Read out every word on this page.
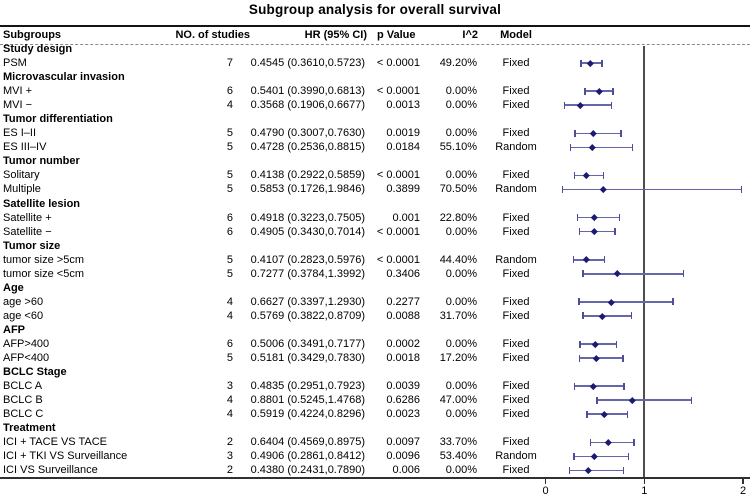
Subgroup analysis for overall survival
Subgroups	NO. of studies	HR (95% CI) p Value	I^2	Model
Study design
PSM	7	0.4545 (0.3610,0.5723)	< 0.0001	49.20%	Fixed
Microvascular invasion
MVI +	6	0.5401 (0.3990,0.6813)	< 0.0001	0.00%	Fixed
MVI −	4	0.3568 (0.1906,0.6677)	0.0013	0.00%	Fixed
Tumor differentiation
ES I–II	5	0.4790 (0.3007,0.7630)	0.0019	0.00%	Fixed
ES III–IV	5	0.4728 (0.2536,0.8815)	0.0184	55.10%	Random
Tumor number
Solitary	5	0.4138 (0.2922,0.5859)	< 0.0001	0.00%	Fixed
Multiple	5	0.5853 (0.1726,1.9846)	0.3899	70.50%	Random
Satellite lesion
Satellite +	6	0.4918 (0.3223,0.7505)	0.001	22.80%	Fixed
Satellite −	6	0.4905 (0.3430,0.7014)	< 0.0001	0.00%	Fixed
Tumor size
tumor size >5cm	5	0.4107 (0.2823,0.5976)	< 0.0001	44.40%	Random
tumor size <5cm	5	0.7277 (0.3784,1.3992)	0.3406	0.00%	Fixed
Age
age >60	4	0.6627 (0.3397,1.2930)	0.2277	0.00%	Fixed
age <60	4	0.5769 (0.3822,0.8709)	0.0088	31.70%	Fixed
AFP
AFP>400	6	0.5006 (0.3491,0.7177)	0.0002	0.00%	Fixed
AFP<400	5	0.5181 (0.3429,0.7830)	0.0018	17.20%	Fixed
BCLC Stage
BCLC A	3	0.4835 (0.2951,0.7923)	0.0039	0.00%	Fixed
BCLC B	4	0.8801 (0.5245,1.4768)	0.6286	47.00%	Fixed
BCLC C	4	0.5919 (0.4224,0.8296)	0.0023	0.00%	Fixed
Treatment
ICI + TACE VS TACE	2	0.6404 (0.4569,0.8975)	0.0097	33.70%	Fixed
ICI + TKI VS Surveillance	3	0.4906 (0.2861,0.8412)	0.0096	53.40%	Random
ICI VS Surveillance	2	0.4380 (0.2431,0.7890)	0.006	0.00%	Fixed
0	1	2
